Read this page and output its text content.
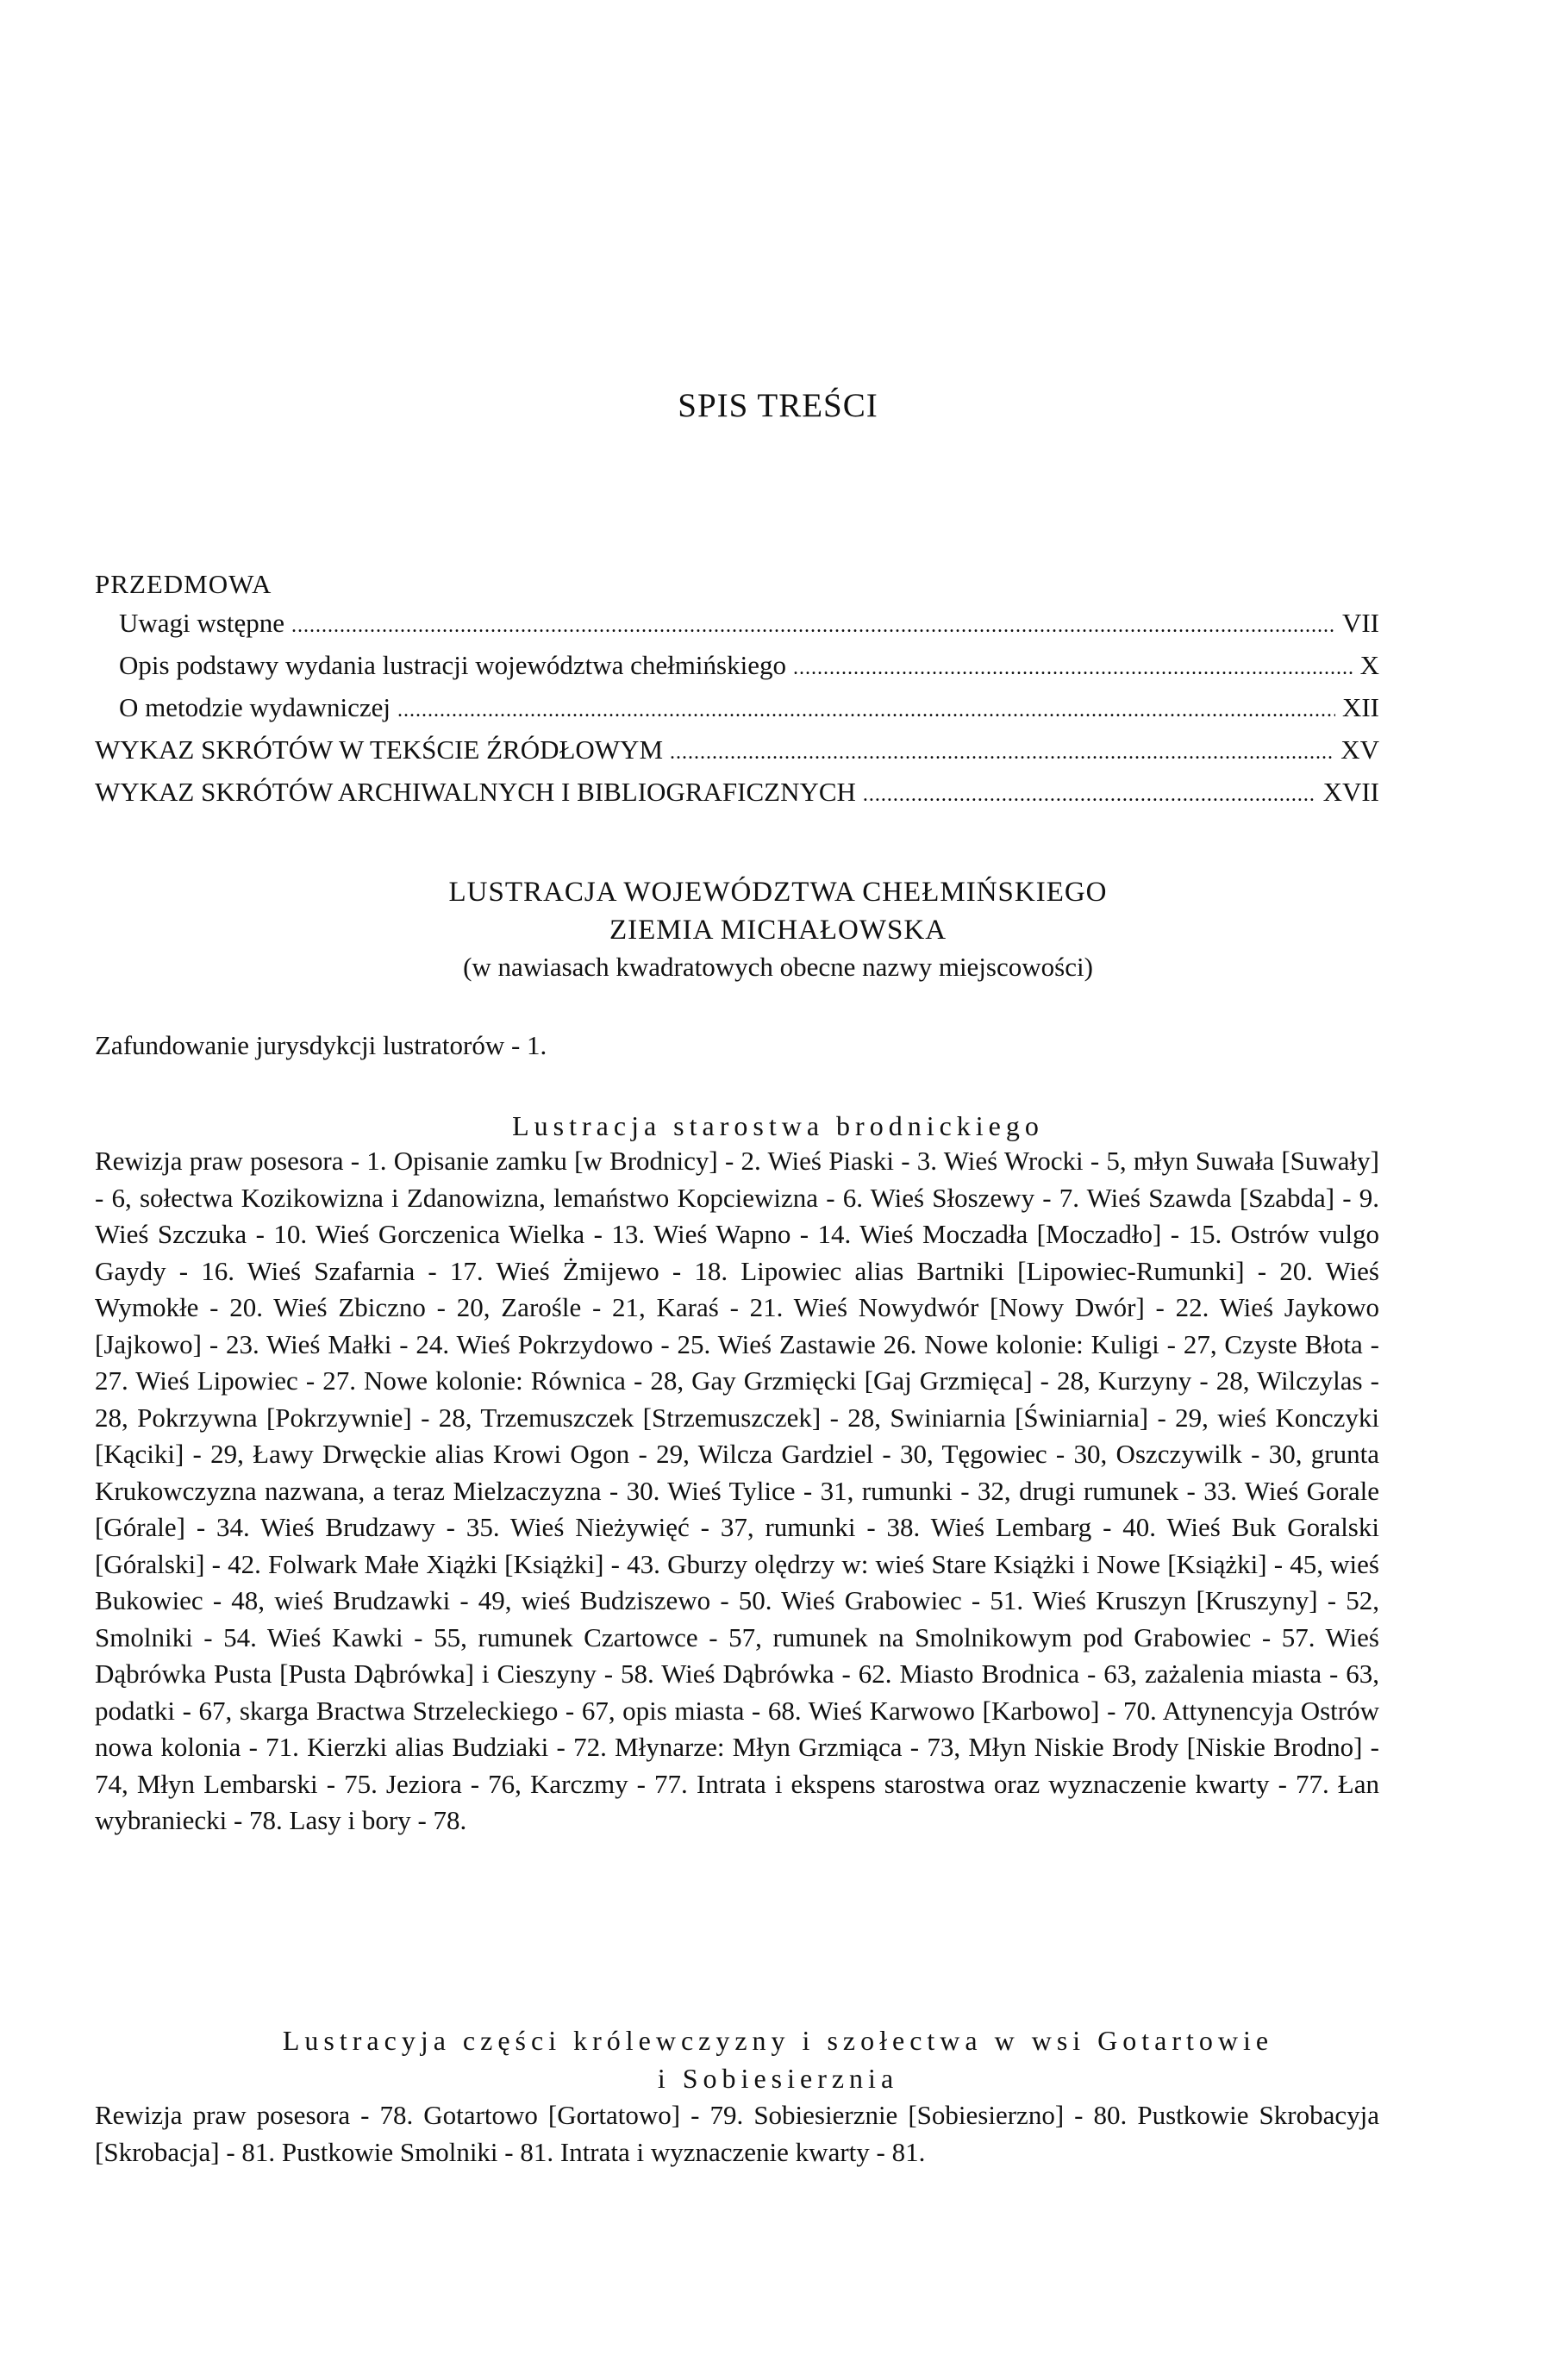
SPIS TREŚCI
PRZEDMOWA
Uwagi wstępne .....	VII
Opis podstawy wydania lustracji województwa chełmińskiego .....	X
O metodzie wydawniczej .....	XII
WYKAZ SKRÓTÓW W TEKŚCIE ŹRÓDŁOWYM .....	XV
WYKAZ SKRÓTÓW ARCHIWALNYCH I BIBLIOGRAFICZNYCH .....	XVII
LUSTRACJA WOJEWÓDZTWA CHEŁMIŃSKIEGO
ZIEMIA MICHAŁOWSKA
(w nawiasach kwadratowych obecne nazwy miejscowości)
Zafundowanie jurysdykcji lustratorów - 1.
Lustracja starostwa brodnickiego
Rewizja praw posesora - 1. Opisanie zamku [w Brodnicy] - 2. Wieś Piaski - 3. Wieś Wrocki - 5, młyn Suwała [Suwały] - 6, sołectwa Kozikowizna i Zdanowizna, lemaństwo Kopciewizna - 6. Wieś Słoszewy - 7. Wieś Szawda [Szabda] - 9. Wieś Szczuka - 10. Wieś Gorczenica Wielka - 13. Wieś Wapno - 14. Wieś Moczadła [Moczadło] - 15. Ostrów vulgo Gaydy - 16. Wieś Szafarnia - 17. Wieś Żmijewo - 18. Lipowiec alias Bartniki [Lipowiec-Rumunki] - 20. Wieś Wymokłe - 20. Wieś Zbiczno - 20, Zarośle - 21, Karaś - 21. Wieś Nowydwór [Nowy Dwór] - 22. Wieś Jaykowo [Jajkowo] - 23. Wieś Małki - 24. Wieś Pokrzydowo - 25. Wieś Zastawie 26. Nowe kolonie: Kuligi - 27, Czyste Błota - 27. Wieś Lipowiec - 27. Nowe kolonie: Równica - 28, Gay Grzmięcki [Gaj Grzmięca] - 28, Kurzyny - 28, Wilczylas - 28, Pokrzywna [Pokrzywnie] - 28, Trzemuszczek [Strzemuszczek] - 28, Swiniarnia [Świniarnia] - 29, wieś Konczyki [Kąciki] - 29, Ławy Drwęckie alias Krowi Ogon - 29, Wilcza Gardziel - 30, Tęgowiec - 30, Oszczywilk - 30, grunta Krukowczyzna nazwana, a teraz Mielzaczyzna - 30. Wieś Tylice - 31, rumunki - 32, drugi rumunek - 33. Wieś Gorale [Górale] - 34. Wieś Brudzawy - 35. Wieś Nieżywięć - 37, rumunki - 38. Wieś Lembarg - 40. Wieś Buk Goralski [Góralski] - 42. Folwark Małe Xiążki [Książki] - 43. Gburzy olędrzy w: wieś Stare Książki i Nowe [Książki] - 45, wieś Bukowiec - 48, wieś Brudzawki - 49, wieś Budziszewo - 50. Wieś Grabowiec - 51. Wieś Kruszyn [Kruszyny] - 52, Smolniki - 54. Wieś Kawki - 55, rumunek Czartowce - 57, rumunek na Smolnikowym pod Grabowiec - 57. Wieś Dąbrówka Pusta [Pusta Dąbrówka] i Cieszyny - 58. Wieś Dąbrówka - 62. Miasto Brodnica - 63, zażalenia miasta - 63, podatki - 67, skarga Bractwa Strzeleckiego - 67, opis miasta - 68. Wieś Karwowo [Karbowo] - 70. Attynencyja Ostrów nowa kolonia - 71. Kierzki alias Budziaki - 72. Młynarze: Młyn Grzmiąca - 73, Młyn Niskie Brody [Niskie Brodno] - 74, Młyn Lembarski - 75. Jeziora - 76, Karczmy - 77. Intrata i ekspens starostwa oraz wyznaczenie kwarty - 77. Łan wybraniecki - 78. Lasy i bory - 78.
Lustracyja części królewczyzny i szołectwa w wsi Gotartowie
i Sobiesierznia
Rewizja praw posesora - 78. Gotartowo [Gortatowo] - 79. Sobiesierznie [Sobiesierzno] - 80. Pustkowie Skrobacyja [Skrobacja] - 81. Pustkowie Smolniki - 81. Intrata i wyznaczenie kwarty - 81.
